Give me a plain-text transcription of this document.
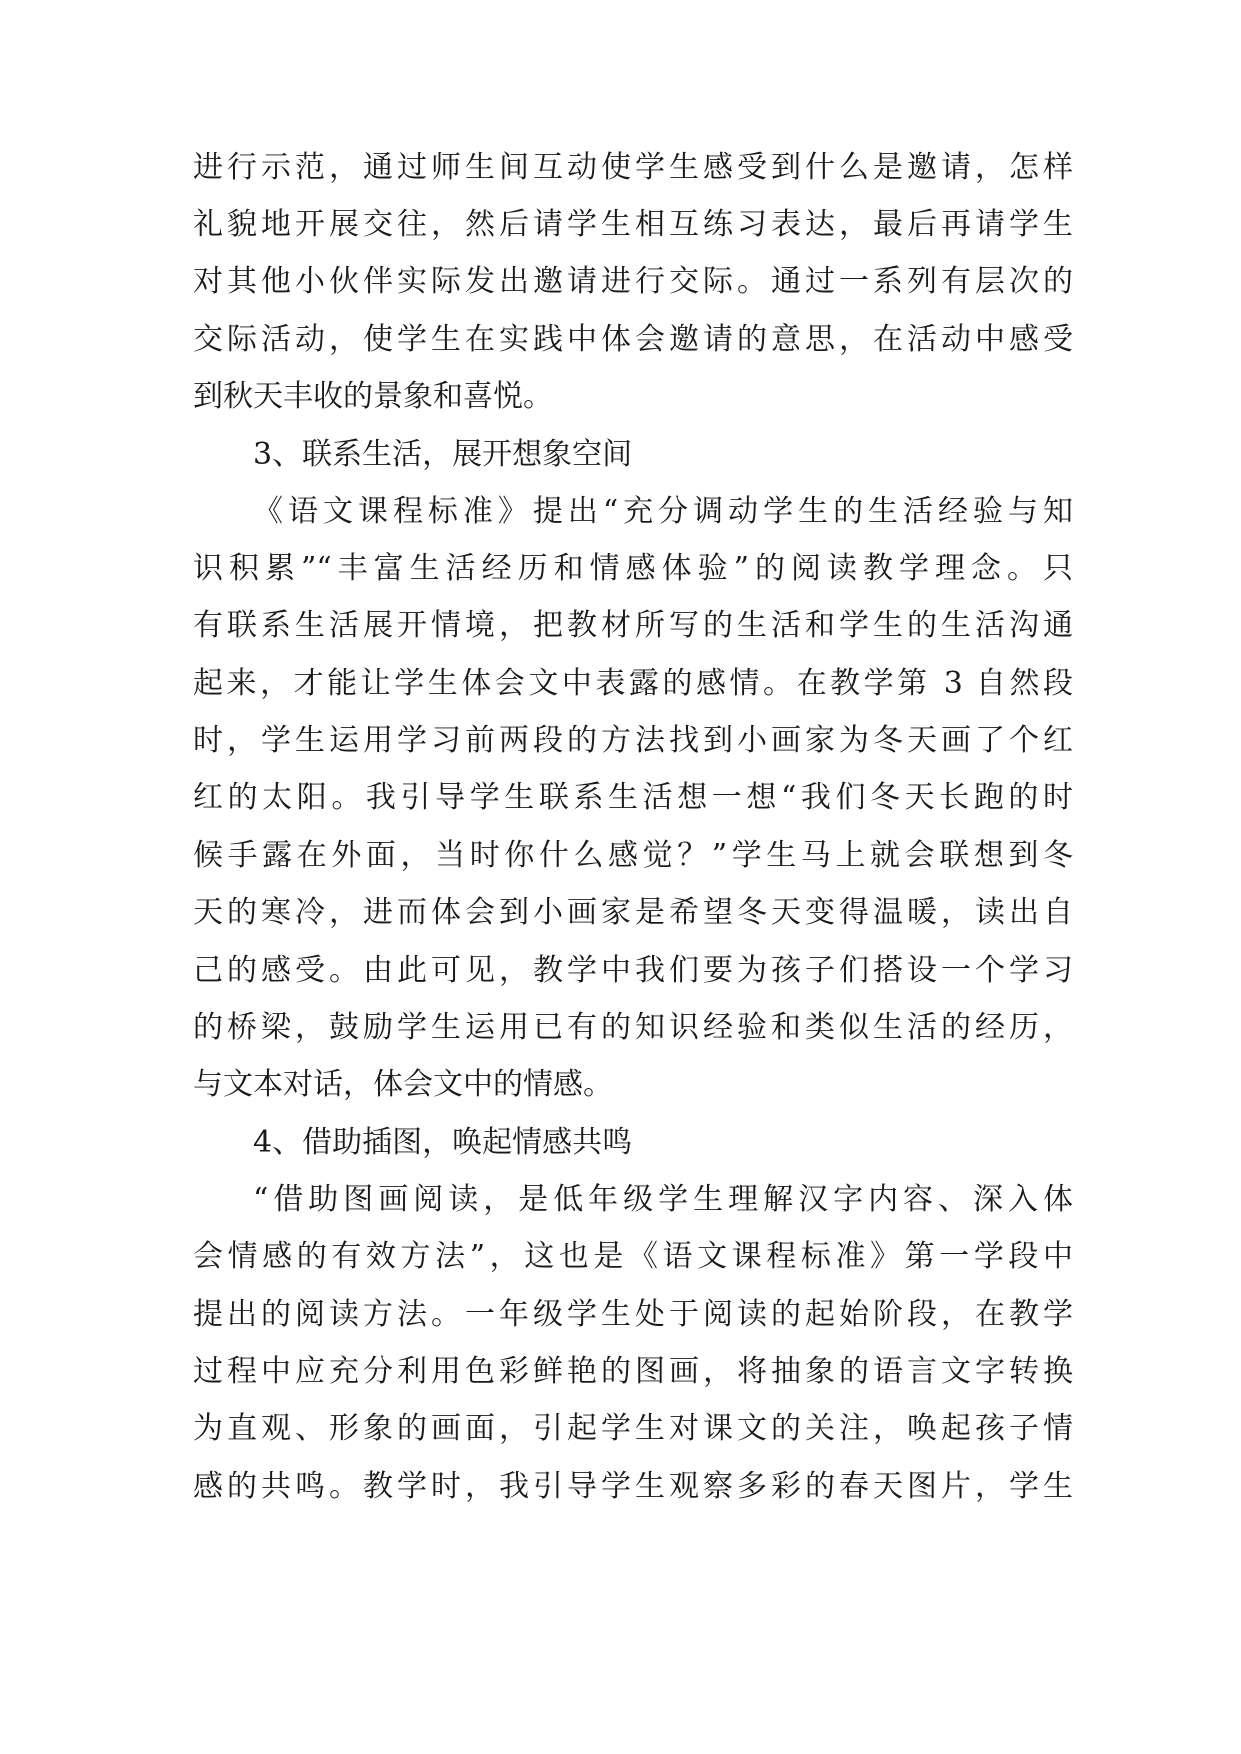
进行示范，通过师生间互动使学生感受到什么是邀请，怎样
礼貌地开展交往，然后请学生相互练习表达，最后再请学生
对其他小伙伴实际发出邀请进行交际。通过一系列有层次的
交际活动，使学生在实践中体会邀请的意思，在活动中感受
到秋天丰收的景象和喜悦。
3、联系生活，展开想象空间
《语文课程标准》提出“充分调动学生的生活经验与知
识积累”“丰富生活经历和情感体验”的阅读教学理念。只
有联系生活展开情境，把教材所写的生活和学生的生活沟通
起来，才能让学生体会文中表露的感情。在教学第 3 自然段
时，学生运用学习前两段的方法找到小画家为冬天画了个红
红的太阳。我引导学生联系生活想一想“我们冬天长跑的时
候手露在外面，当时你什么感觉？”学生马上就会联想到冬
天的寒冷，进而体会到小画家是希望冬天变得温暖，读出自
己的感受。由此可见，教学中我们要为孩子们搭设一个学习
的桥梁，鼓励学生运用已有的知识经验和类似生活的经历，
与文本对话，体会文中的情感。
4、借助插图，唤起情感共鸣
“借助图画阅读，是低年级学生理解汉字内容、深入体
会情感的有效方法”，这也是《语文课程标准》第一学段中
提出的阅读方法。一年级学生处于阅读的起始阶段，在教学
过程中应充分利用色彩鲜艳的图画，将抽象的语言文字转换
为直观、形象的画面，引起学生对课文的关注，唤起孩子情
感的共鸣。教学时，我引导学生观察多彩的春天图片，学生
